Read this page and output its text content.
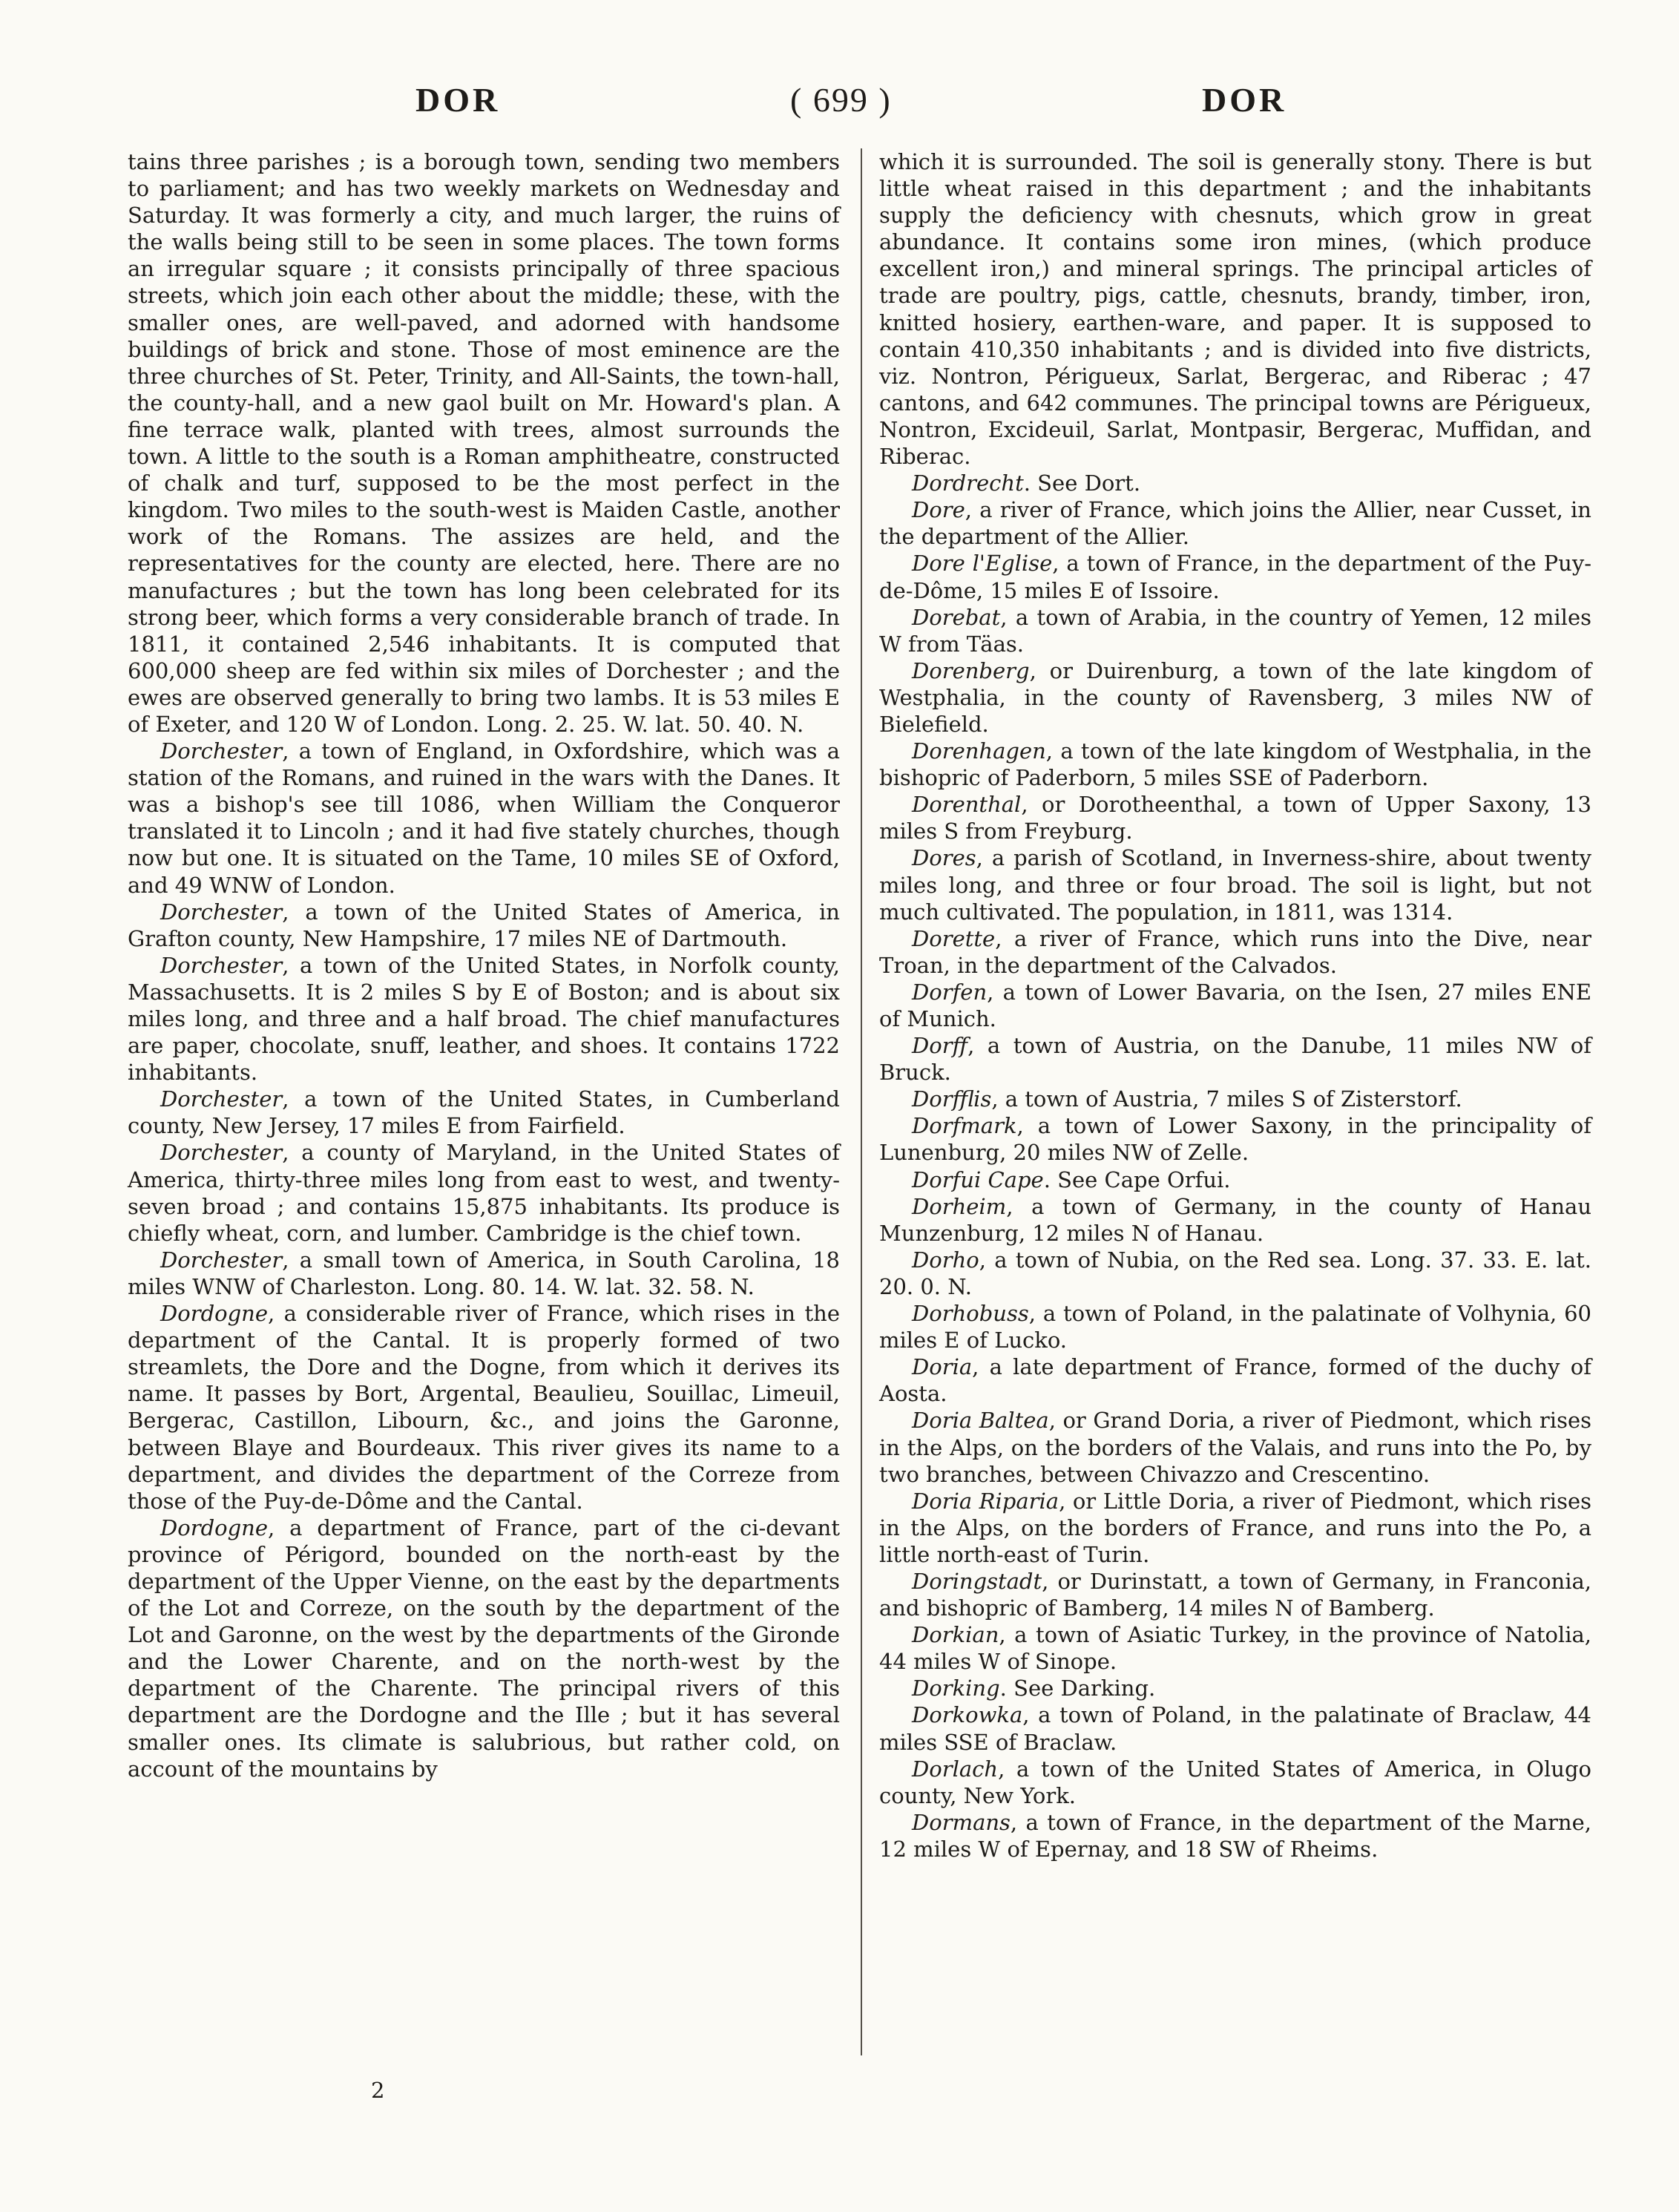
DOR	( 699 )	DOR

tains three parishes ; is a borough town, sending two members to parliament; and has two weekly markets on Wednesday and Saturday. It was formerly a city, and much larger, the ruins of the walls being still to be seen in some places. The town forms an irregular square ; it consists principally of three spacious streets, which join each other about the middle; these, with the smaller ones, are well-paved, and adorned with handsome buildings of brick and stone. Those of most eminence are the three churches of St. Peter, Trinity, and All-Saints, the town-hall, the county-hall, and a new gaol built on Mr. Howard's plan. A fine terrace walk, planted with trees, almost surrounds the town. A little to the south is a Roman amphitheatre, constructed of chalk and turf, supposed to be the most perfect in the kingdom. Two miles to the south-west is Maiden Castle, another work of the Romans. The assizes are held, and the representatives for the county are elected, here. There are no manufactures ; but the town has long been celebrated for its strong beer, which forms a very considerable branch of trade. In 1811, it contained 2,546 inhabitants. It is computed that 600,000 sheep are fed within six miles of Dorchester ; and the ewes are observed generally to bring two lambs. It is 53 miles E of Exeter, and 120 W of London. Long. 2. 25. W. lat. 50. 40. N.

Dorchester, a town of England, in Oxfordshire, which was a station of the Romans, and ruined in the wars with the Danes. It was a bishop's see till 1086, when William the Conqueror translated it to Lincoln ; and it had five stately churches, though now but one. It is situated on the Tame, 10 miles SE of Oxford, and 49 WNW of London.

Dorchester, a town of the United States of America, in Grafton county, New Hampshire, 17 miles NE of Dartmouth.

Dorchester, a town of the United States, in Norfolk county, Massachusetts. It is 2 miles S by E of Boston; and is about six miles long, and three and a half broad. The chief manufactures are paper, chocolate, snuff, leather, and shoes. It contains 1722 inhabitants.

Dorchester, a town of the United States, in Cumberland county, New Jersey, 17 miles E from Fairfield.

Dorchester, a county of Maryland, in the United States of America, thirty-three miles long from east to west, and twenty-seven broad ; and contains 15,875 inhabitants. Its produce is chiefly wheat, corn, and lumber. Cambridge is the chief town.

Dorchester, a small town of America, in South Carolina, 18 miles WNW of Charleston. Long. 80. 14. W. lat. 32. 58. N.

Dordogne, a considerable river of France, which rises in the department of the Cantal. It is properly formed of two streamlets, the Dore and the Dogne, from which it derives its name. It passes by Bort, Argental, Beaulieu, Souillac, Limeuil, Bergerac, Castillon, Libourn, &c., and joins the Garonne, between Blaye and Bourdeaux. This river gives its name to a department, and divides the department of the Correze from those of the Puy-de-Dôme and the Cantal.

Dordogne, a department of France, part of the ci-devant province of Périgord, bounded on the north-east by the department of the Upper Vienne, on the east by the departments of the Lot and Correze, on the south by the department of the Lot and Garonne, on the west by the departments of the Gironde and the Lower Charente, and on the north-west by the department of the Charente. The principal rivers of this department are the Dordogne and the Ille ; but it has several smaller ones. Its climate is salubrious, but rather cold, on account of the mountains by

which it is surrounded. The soil is generally stony. There is but little wheat raised in this department ; and the inhabitants supply the deficiency with chesnuts, which grow in great abundance. It contains some iron mines, (which produce excellent iron,) and mineral springs. The principal articles of trade are poultry, pigs, cattle, chesnuts, brandy, timber, iron, knitted hosiery, earthen-ware, and paper. It is supposed to contain 410,350 inhabitants ; and is divided into five districts, viz. Nontron, Périgueux, Sarlat, Bergerac, and Riberac ; 47 cantons, and 642 communes. The principal towns are Périgueux, Nontron, Excideuil, Sarlat, Montpasir, Bergerac, Muffidan, and Riberac.

Dordrecht. See Dort.

Dore, a river of France, which joins the Allier, near Cusset, in the department of the Allier.

Dore l'Eglise, a town of France, in the department of the Puy-de-Dôme, 15 miles E of Issoire.

Dorebat, a town of Arabia, in the country of Yemen, 12 miles W from Täas.

Dorenberg, or Duirenburg, a town of the late kingdom of Westphalia, in the county of Ravensberg, 3 miles NW of Bielefield.

Dorenhagen, a town of the late kingdom of Westphalia, in the bishopric of Paderborn, 5 miles SSE of Paderborn.

Dorenthal, or Dorotheenthal, a town of Upper Saxony, 13 miles S from Freyburg.

Dores, a parish of Scotland, in Inverness-shire, about twenty miles long, and three or four broad. The soil is light, but not much cultivated. The population, in 1811, was 1314.

Dorette, a river of France, which runs into the Dive, near Troan, in the department of the Calvados.

Dorfen, a town of Lower Bavaria, on the Isen, 27 miles ENE of Munich.

Dorff, a town of Austria, on the Danube, 11 miles NW of Bruck.

Dorfflis, a town of Austria, 7 miles S of Zisterstorf.

Dorfmark, a town of Lower Saxony, in the principality of Lunenburg, 20 miles NW of Zelle.

Dorfui Cape. See Cape Orfui.

Dorheim, a town of Germany, in the county of Hanau Munzenburg, 12 miles N of Hanau.

Dorho, a town of Nubia, on the Red sea. Long. 37. 33. E. lat. 20. 0. N.

Dorhobuss, a town of Poland, in the palatinate of Volhynia, 60 miles E of Lucko.

Doria, a late department of France, formed of the duchy of Aosta.

Doria Baltea, or Grand Doria, a river of Piedmont, which rises in the Alps, on the borders of the Valais, and runs into the Po, by two branches, between Chivazzo and Crescentino.

Doria Riparia, or Little Doria, a river of Piedmont, which rises in the Alps, on the borders of France, and runs into the Po, a little north-east of Turin.

Doringstadt, or Durinstatt, a town of Germany, in Franconia, and bishopric of Bamberg, 14 miles N of Bamberg.

Dorkian, a town of Asiatic Turkey, in the province of Natolia, 44 miles W of Sinope.

Dorking. See Darking.

Dorkowka, a town of Poland, in the palatinate of Braclaw, 44 miles SSE of Braclaw.

Dorlach, a town of the United States of America, in Olugo county, New York.

Dormans, a town of France, in the department of the Marne, 12 miles W of Epernay, and 18 SW of Rheims.

2
